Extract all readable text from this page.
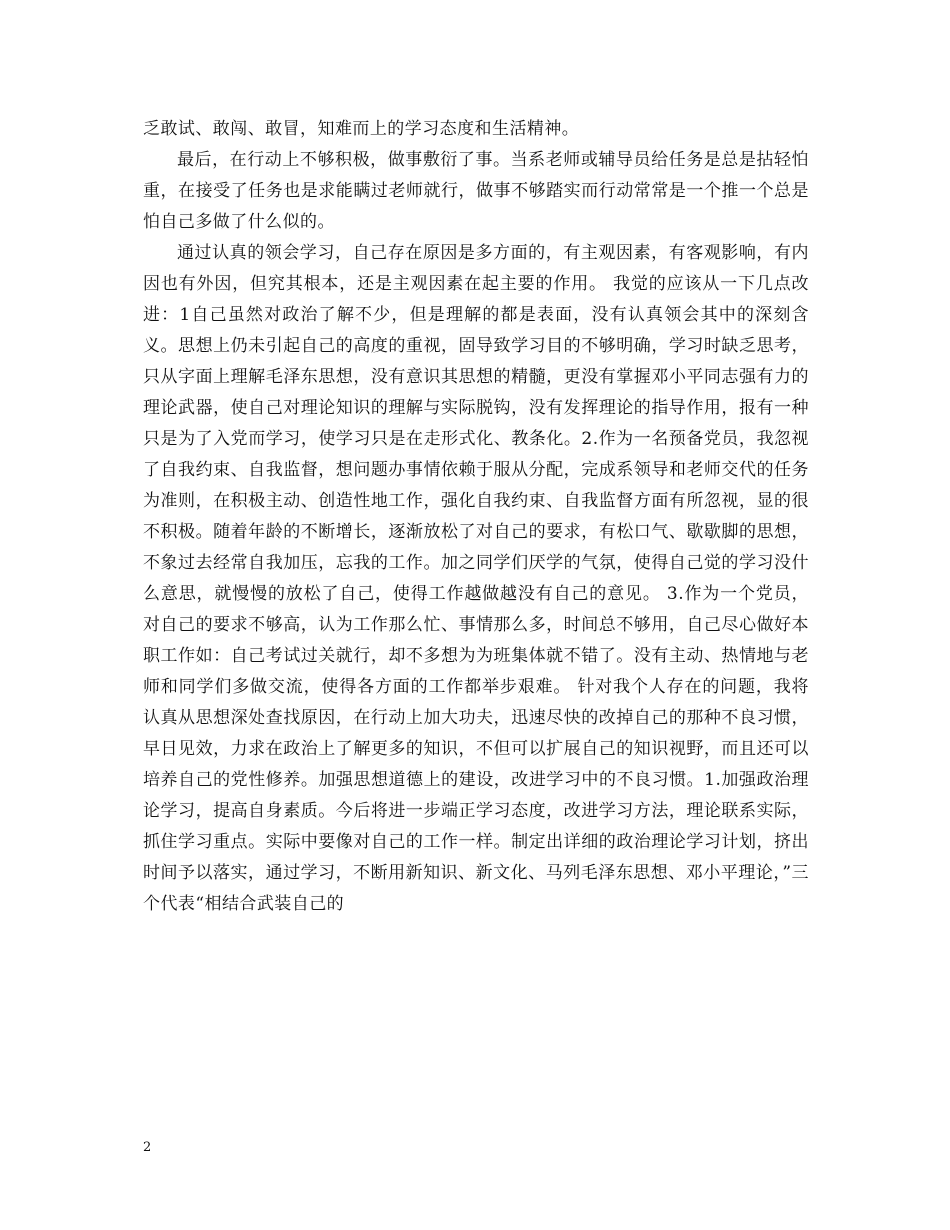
乏敢试、敢闯、敢冒，知难而上的学习态度和生活精神。

最后，在行动上不够积极，做事敷衍了事。当系老师或辅导员给任务是总是拈轻怕重，在接受了任务也是求能瞒过老师就行，做事不够踏实而行动常常是一个推一个总是怕自己多做了什么似的。

通过认真的领会学习，自己存在原因是多方面的，有主观因素，有客观影响，有内因也有外因，但究其根本，还是主观因素在起主要的作用。 我觉的应该从一下几点改进：1自己虽然对政治了解不少，但是理解的都是表面，没有认真领会其中的深刻含义。思想上仍未引起自己的高度的重视，固导致学习目的不够明确，学习时缺乏思考，只从字面上理解毛泽东思想，没有意识其思想的精髓，更没有掌握邓小平同志强有力的理论武器，使自己对理论知识的理解与实际脱钩，没有发挥理论的指导作用，报有一种只是为了入党而学习，使学习只是在走形式化、教条化。2.作为一名预备党员，我忽视了自我约束、自我监督，想问题办事情依赖于服从分配，完成系领导和老师交代的任务为准则，在积极主动、创造性地工作，强化自我约束、自我监督方面有所忽视，显的很不积极。随着年龄的不断增长，逐渐放松了对自己的要求，有松口气、歇歇脚的思想，不象过去经常自我加压，忘我的工作。加之同学们厌学的气氛，使得自己觉的学习没什么意思，就慢慢的放松了自己，使得工作越做越没有自己的意见。 3.作为一个党员，对自己的要求不够高，认为工作那么忙、事情那么多，时间总不够用，自己尽心做好本职工作如：自己考试过关就行，却不多想为为班集体就不错了。没有主动、热情地与老师和同学们多做交流，使得各方面的工作都举步艰难。 针对我个人存在的问题，我将认真从思想深处查找原因，在行动上加大功夫，迅速尽快的改掉自己的那种不良习惯，早日见效，力求在政治上了解更多的知识，不但可以扩展自己的知识视野，而且还可以培养自己的党性修养。加强思想道德上的建设，改进学习中的不良习惯。1.加强政治理论学习，提高自身素质。今后将进一步端正学习态度，改进学习方法，理论联系实际，抓住学习重点。实际中要像对自己的工作一样。制定出详细的政治理论学习计划，挤出时间予以落实，通过学习，不断用新知识、新文化、马列毛泽东思想、邓小平理论，”三个代表“相结合武装自己的

2
